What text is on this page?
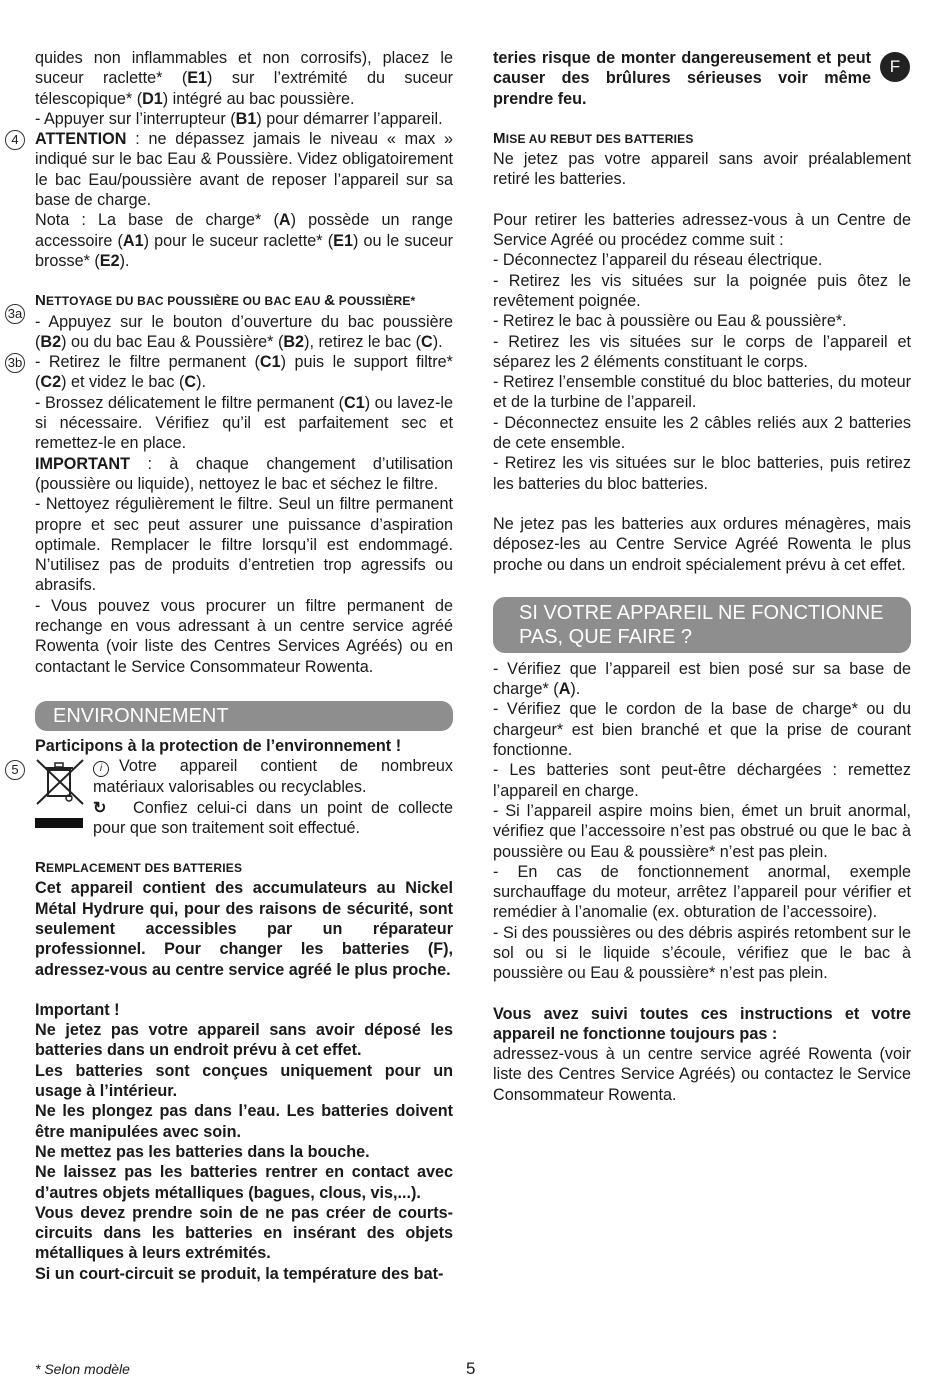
F

quides non inflammables et non corrosifs), placez le suceur raclette* (E1) sur l’extrémité du suceur télescopique* (D1) intégré au bac poussière.

- Appuyer sur l’interrupteur (B1) pour démarrer l’appareil.

4	ATTENTION : ne dépassez jamais le niveau « max » indiqué sur le bac Eau & Poussière. Videz obligatoirement le bac Eau/poussière avant de reposer l’appareil sur sa base de charge.

Nota : La base de charge* (A) possède un range accessoire (A1) pour le suceur raclette* (E1) ou le suceur brosse* (E2).

NETTOYAGE DU BAC POUSSIÈRE OU BAC EAU & POUSSIÈRE*

3a - Appuyez sur le bouton d’ouverture du bac poussière (B2) ou du bac Eau & Poussière* (B2), retirez le bac (C).

3b - Retirez le filtre permanent (C1) puis le support filtre* (C2) et videz le bac (C).

- Brossez délicatement le filtre permanent (C1) ou lavez-le si nécessaire. Vérifiez qu’il est parfaitement sec et remettez-le en place.

IMPORTANT : à chaque changement d’utilisation (poussière ou liquide), nettoyez le bac et séchez le filtre.

- Nettoyez régulièrement le filtre. Seul un filtre permanent propre et sec peut assurer une puissance d’aspiration optimale. Remplacer le filtre lorsqu’il est endommagé. N’utilisez pas de produits d’entretien trop agressifs ou abrasifs.

- Vous pouvez vous procurer un filtre permanent de rechange en vous adressant à un centre service agréé Rowenta (voir liste des Centres Services Agréés) ou en contactant le Service Consommateur Rowenta.

ENVIRONNEMENT

Participons à la protection de l’environnement !

5	i Votre appareil contient de nombreux matériaux valorisables ou recyclables.

↻ Confiez celui-ci dans un point de collecte pour que son traitement soit effectué.

REMPLACEMENT DES BATTERIES

Cet appareil contient des accumulateurs au Nickel Métal Hydrure qui, pour des raisons de sécurité, sont seulement accessibles par un réparateur professionnel. Pour changer les batteries (F), adressez-vous au centre service agréé le plus proche.

Important !

Ne jetez pas votre appareil sans avoir déposé les batteries dans un endroit prévu à cet effet.

Les batteries sont conçues uniquement pour un usage à l’intérieur.

Ne les plongez pas dans l’eau. Les batteries doivent être manipulées avec soin.

Ne mettez pas les batteries dans la bouche.

Ne laissez pas les batteries rentrer en contact avec d’autres objets métalliques (bagues, clous, vis,...).

Vous devez prendre soin de ne pas créer de courts-circuits dans les batteries en insérant des objets métalliques à leurs extrémités.

Si un court-circuit se produit, la température des bat-

teries risque de monter dangereusement et peut causer des brûlures sérieuses voir même prendre feu.

MISE AU REBUT DES BATTERIES

Ne jetez pas votre appareil sans avoir préalablement retiré les batteries.

Pour retirer les batteries adressez-vous à un Centre de Service Agréé ou procédez comme suit :

- Déconnectez l’appareil du réseau électrique.

- Retirez les vis situées sur la poignée puis ôtez le revêtement poignée.

- Retirez le bac à poussière ou Eau & poussière*.

- Retirez les vis situées sur le corps de l’appareil et séparez les 2 éléments constituant le corps.

- Retirez l’ensemble constitué du bloc batteries, du moteur et de la turbine de l’appareil.

- Déconnectez ensuite les 2 câbles reliés aux 2 batteries de cete ensemble.

- Retirez les vis situées sur le bloc batteries, puis retirez les batteries du bloc batteries.

Ne jetez pas les batteries aux ordures ménagères, mais déposez-les au Centre Service Agréé Rowenta le plus proche ou dans un endroit spécialement prévu à cet effet.

SI VOTRE APPAREIL NE FONCTIONNE PAS, QUE FAIRE ?

- Vérifiez que l’appareil est bien posé sur sa base de charge* (A).

- Vérifiez que le cordon de la base de charge* ou du chargeur* est bien branché et que la prise de courant fonctionne.

- Les batteries sont peut-être déchargées : remettez l’appareil en charge.

- Si l’appareil aspire moins bien, émet un bruit anormal, vérifiez que l’accessoire n’est pas obstrué ou que le bac à poussière ou Eau & poussière* n’est pas plein.

- En cas de fonctionnement anormal, exemple surchauffage du moteur, arrêtez l’appareil pour vérifier et remédier à l’anomalie (ex. obturation de l’accessoire).

- Si des poussières ou des débris aspirés retombent sur le sol ou si le liquide s’écoule, vérifiez que le bac à poussière ou Eau & poussière* n’est pas plein.

Vous avez suivi toutes ces instructions et votre appareil ne fonctionne toujours pas :

adressez-vous à un centre service agréé Rowenta (voir liste des Centres Service Agréés) ou contactez le Service Consommateur Rowenta.

* Selon modèle	5
